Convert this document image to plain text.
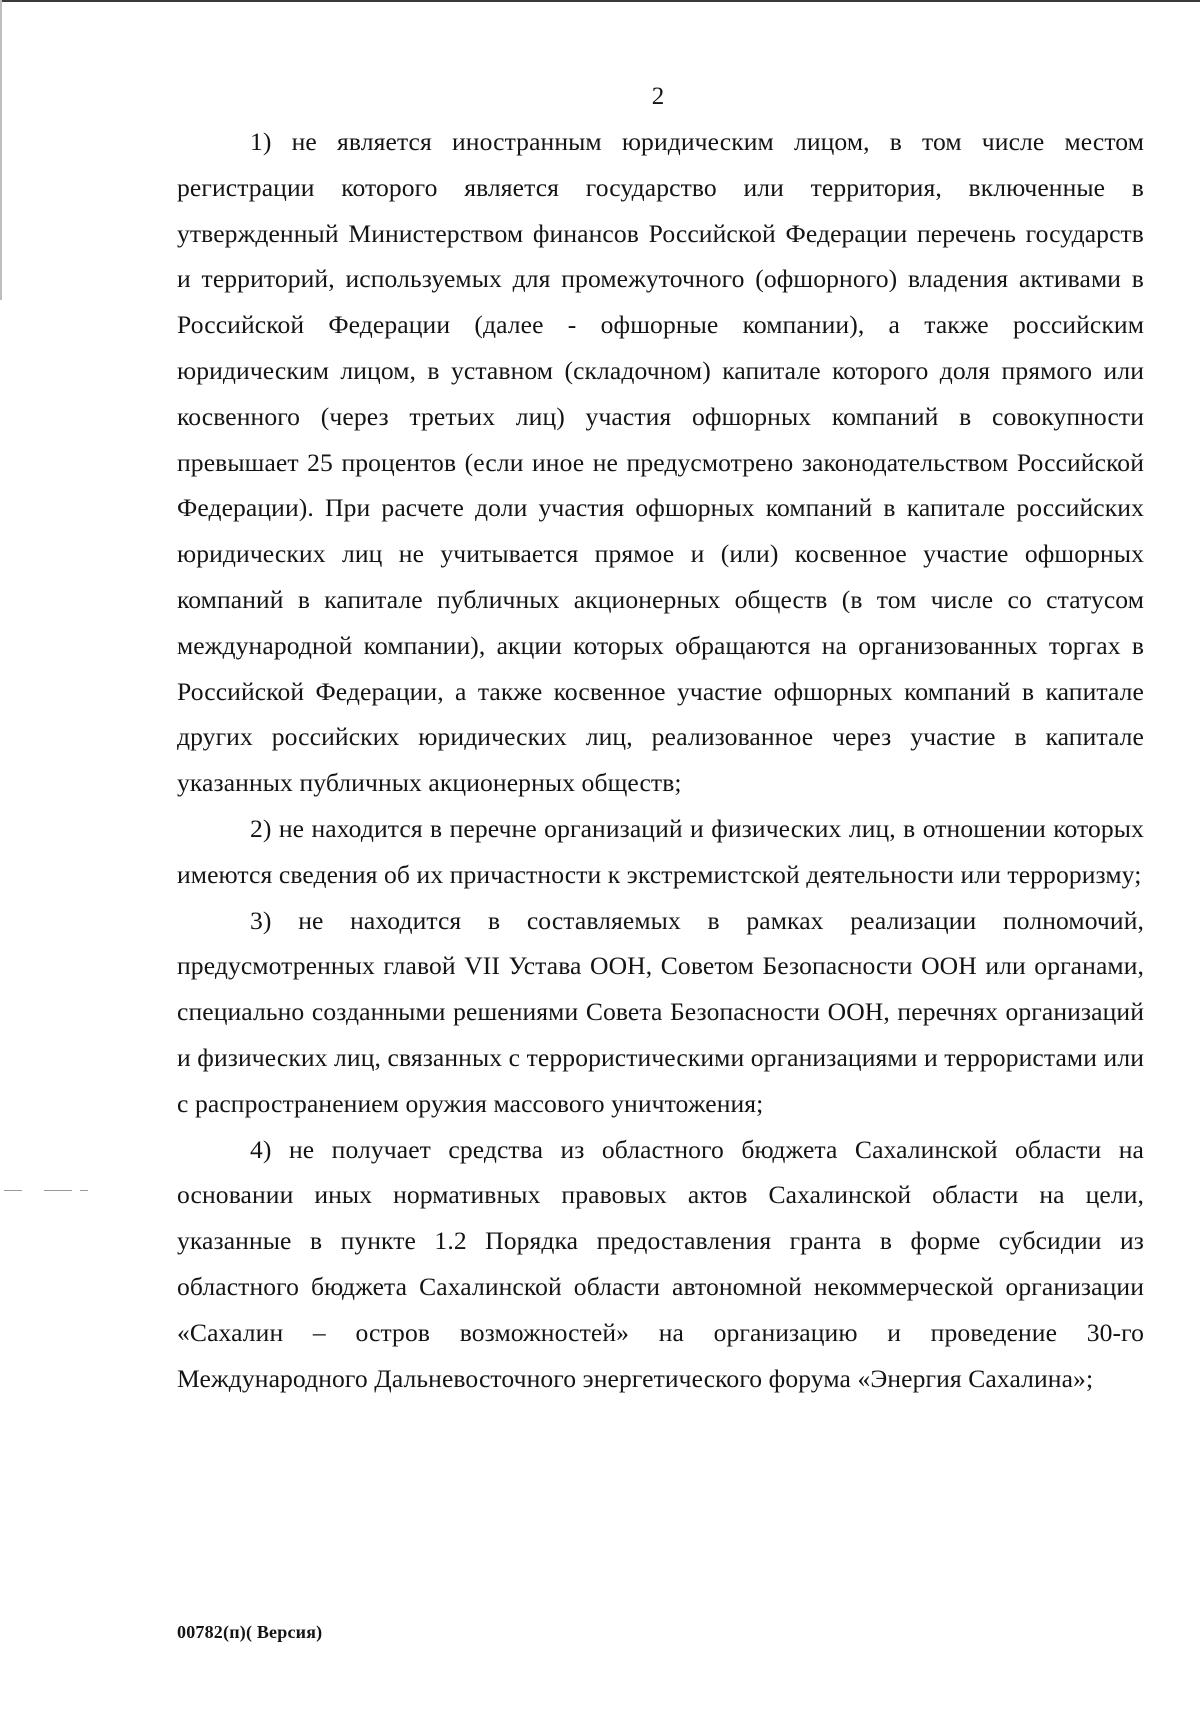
2

1) не является иностранным юридическим лицом, в том числе местом регистрации которого является государство или территория, включенные в утвержденный Министерством финансов Российской Федерации перечень государств и территорий, используемых для промежуточного (офшорного) владения активами в Российской Федерации (далее - офшорные компании), а также российским юридическим лицом, в уставном (складочном) капитале которого доля прямого или косвенного (через третьих лиц) участия офшорных компаний в совокупности превышает 25 процентов (если иное не предусмотрено законодательством Российской Федерации). При расчете доли участия офшорных компаний в капитале российских юридических лиц не учитывается прямое и (или) косвенное участие офшорных компаний в капитале публичных акционерных обществ (в том числе со статусом международной компании), акции которых обращаются на организованных торгах в Российской Федерации, а также косвенное участие офшорных компаний в капитале других российских юридических лиц, реализованное через участие в капитале указанных публичных акционерных обществ;

2) не находится в перечне организаций и физических лиц, в отношении которых имеются сведения об их причастности к экстремистской деятельности или терроризму;

3) не находится в составляемых в рамках реализации полномочий, предусмотренных главой VII Устава ООН, Советом Безопасности ООН или органами, специально созданными решениями Совета Безопасности ООН, перечнях организаций и физических лиц, связанных с террористическими организациями и террористами или с распространением оружия массового уничтожения;

4) не получает средства из областного бюджета Сахалинской области на основании иных нормативных правовых актов Сахалинской области на цели, указанные в пункте 1.2 Порядка предоставления гранта в форме субсидии из областного бюджета Сахалинской области автономной некоммерческой организации «Сахалин – остров возможностей» на организацию и проведение 30-го Международного Дальневосточного энергетического форума «Энергия Сахалина»;

00782(п)( Версия)
